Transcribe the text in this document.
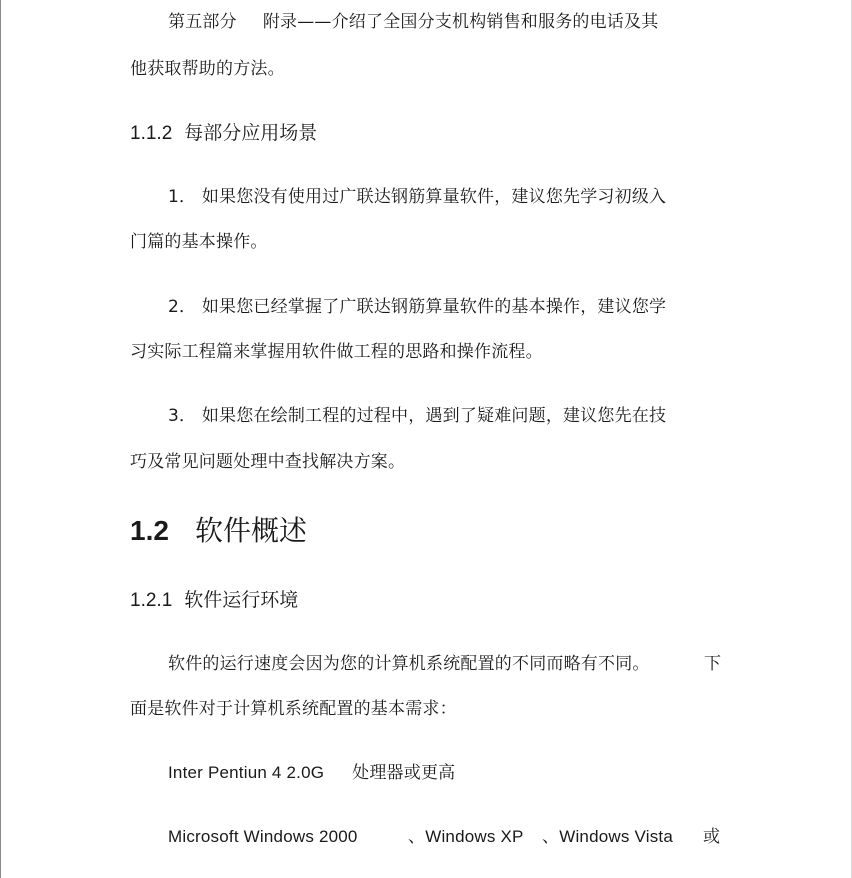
第五部分 附录——介绍了全国分支机构销售和服务的电话及其
他获取帮助的方法。
1.1.2 每部分应用场景
1． 如果您没有使用过广联达钢筋算量软件，建议您先学习初级入
门篇的基本操作。
2． 如果您已经掌握了广联达钢筋算量软件的基本操作，建议您学
习实际工程篇来掌握用软件做工程的思路和操作流程。
3． 如果您在绘制工程的过程中，遇到了疑难问题，建议您先在技
巧及常见问题处理中查找解决方案。
1.2 软件概述
1.2.1 软件运行环境
软件的运行速度会因为您的计算机系统配置的不同而略有不同。	下
面是软件对于计算机系统配置的基本需求：
Inter Pentiun 4 2.0G 处理器或更高
Microsoft Windows 2000	、Windows XP 、Windows Vista 或
